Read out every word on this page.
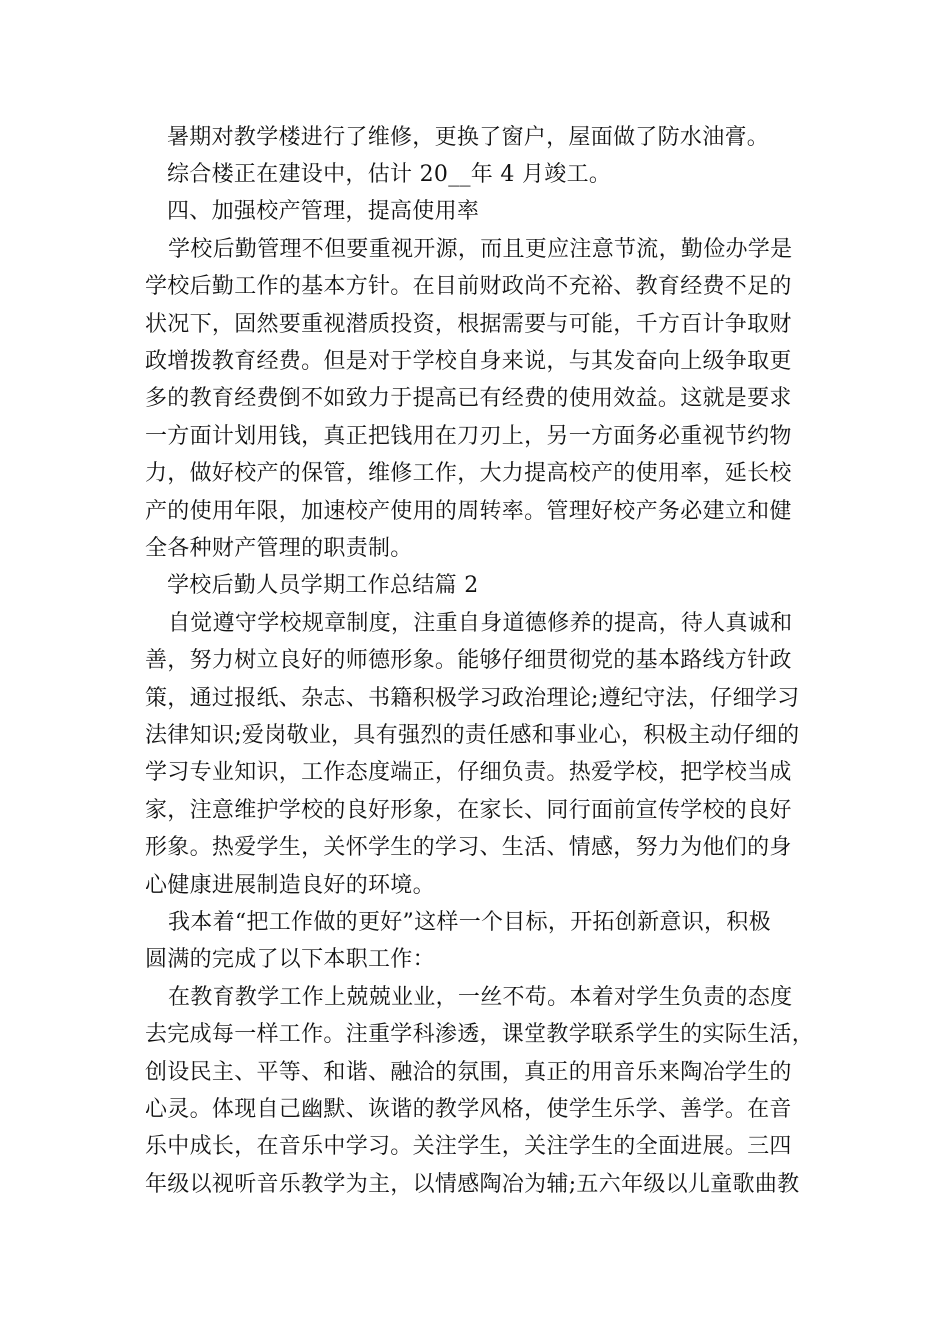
暑期对教学楼进行了维修，更换了窗户，屋面做了防水油膏。
综合楼正在建设中，估计 20__年 4 月竣工。
四、加强校产管理，提高使用率
学校后勤管理不但要重视开源，而且更应注意节流，勤俭办学是
学校后勤工作的基本方针。在目前财政尚不充裕、教育经费不足的
状况下，固然要重视潜质投资，根据需要与可能，千方百计争取财
政增拨教育经费。但是对于学校自身来说，与其发奋向上级争取更
多的教育经费倒不如致力于提高已有经费的使用效益。这就是要求
一方面计划用钱，真正把钱用在刀刃上，另一方面务必重视节约物
力，做好校产的保管，维修工作，大力提高校产的使用率，延长校
产的使用年限，加速校产使用的周转率。管理好校产务必建立和健
全各种财产管理的职责制。
学校后勤人员学期工作总结篇 2
自觉遵守学校规章制度，注重自身道德修养的提高，待人真诚和
善，努力树立良好的师德形象。能够仔细贯彻党的基本路线方针政
策，通过报纸、杂志、书籍积极学习政治理论;遵纪守法，仔细学习
法律知识;爱岗敬业，具有强烈的责任感和事业心，积极主动仔细的
学习专业知识，工作态度端正，仔细负责。热爱学校，把学校当成
家，注意维护学校的良好形象，在家长、同行面前宣传学校的良好
形象。热爱学生，关怀学生的学习、生活、情感，努力为他们的身
心健康进展制造良好的环境。
我本着“把工作做的更好”这样一个目标，开拓创新意识，积极
圆满的完成了以下本职工作：
在教育教学工作上兢兢业业，一丝不苟。本着对学生负责的态度
去完成每一样工作。注重学科渗透，课堂教学联系学生的实际生活，
创设民主、平等、和谐、融洽的氛围，真正的用音乐来陶冶学生的
心灵。体现自己幽默、诙谐的教学风格，使学生乐学、善学。在音
乐中成长，在音乐中学习。关注学生，关注学生的全面进展。三四
年级以视听音乐教学为主，以情感陶冶为辅;五六年级以儿童歌曲教
